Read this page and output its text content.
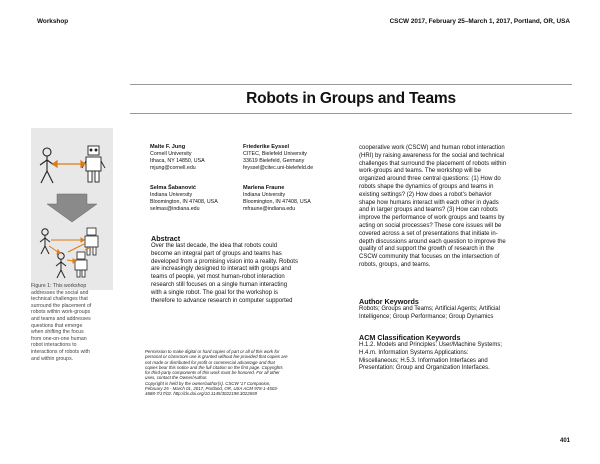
Workshop	CSCW 2017, February 25–March 1, 2017, Portland, OR, USA
Robots in Groups and Teams
Figure 1: This workshop
addresses the social and
technical challenges that
surround the placement of
robots within work-groups
and teams and addresses
questions that emerge
when shifting the focus
from one-on-one human
robot interactions to
interactions of robots with
and within groups.
Malte F. Jung
Cornell University
Ithaca, NY 14850, USA
mjung@cornell.edu
Selma Šabanović
Indiana University
Bloomington, IN 47408, USA
selmas@indiana.edu
Friederike Eyssel
CITEC, Bielefeld University
33619 Bielefeld, Germany
feyssel@citec.uni-bielefeld.de
Marlena Fraune
Indiana University
Bloomington, IN 47408, USA
mfraune@indiana.edu
Abstract
Over the last decade, the idea that robots could
become an integral part of groups and teams has
developed from a promising vision into a reality. Robots
are increasingly designed to interact with groups and
teams of people, yet most human-robot interaction
research still focuses on a single human interacting
with a single robot. The goal for the workshop is
therefore to advance research in computer supported
cooperative work (CSCW) and human robot interaction
(HRI) by raising awareness for the social and technical
challenges that surround the placement of robots within
work-groups and teams. The workshop will be
organized around three central questions: (1) How do
robots shape the dynamics of groups and teams in
existing settings? (2) How does a robot's behavior
shape how humans interact with each other in dyads
and in larger groups and teams? (3) How can robots
improve the performance of work groups and teams by
acting on social processes? These core issues will be
covered across a set of presentations that initiate in-
depth discussions around each question to improve the
quality of and support the growth of research in the
CSCW community that focuses on the intersection of
robots, groups, and teams.
Author Keywords
Robots; Groups and Teams; Artificial Agents; Artificial
Intelligence; Group Performance; Group Dynamics
ACM Classification Keywords
H.1.2. Models and Principles: User/Machine Systems;
H.4.m. Information Systems Applications:
Miscellaneous; H.5.3. Information Interfaces and
Presentation: Group and Organization Interfaces.
Permission to make digital or hard copies of part or all of this work for
personal or classroom use is granted without fee provided that copies are
not made or distributed for profit or commercial advantage and that
copies bear this notice and the full citation on the first page. Copyrights
for third-party components of this work must be honored. For all other
uses, contact the Owner/Author.
Copyright is held by the owner/author(s). CSCW '17 Companion,
February 25 - March 01, 2017, Portland, OR, USA ACM 978-1-4503-
4688-7/17/02. http://dx.doi.org/10.1145/3022198.3022659
401
